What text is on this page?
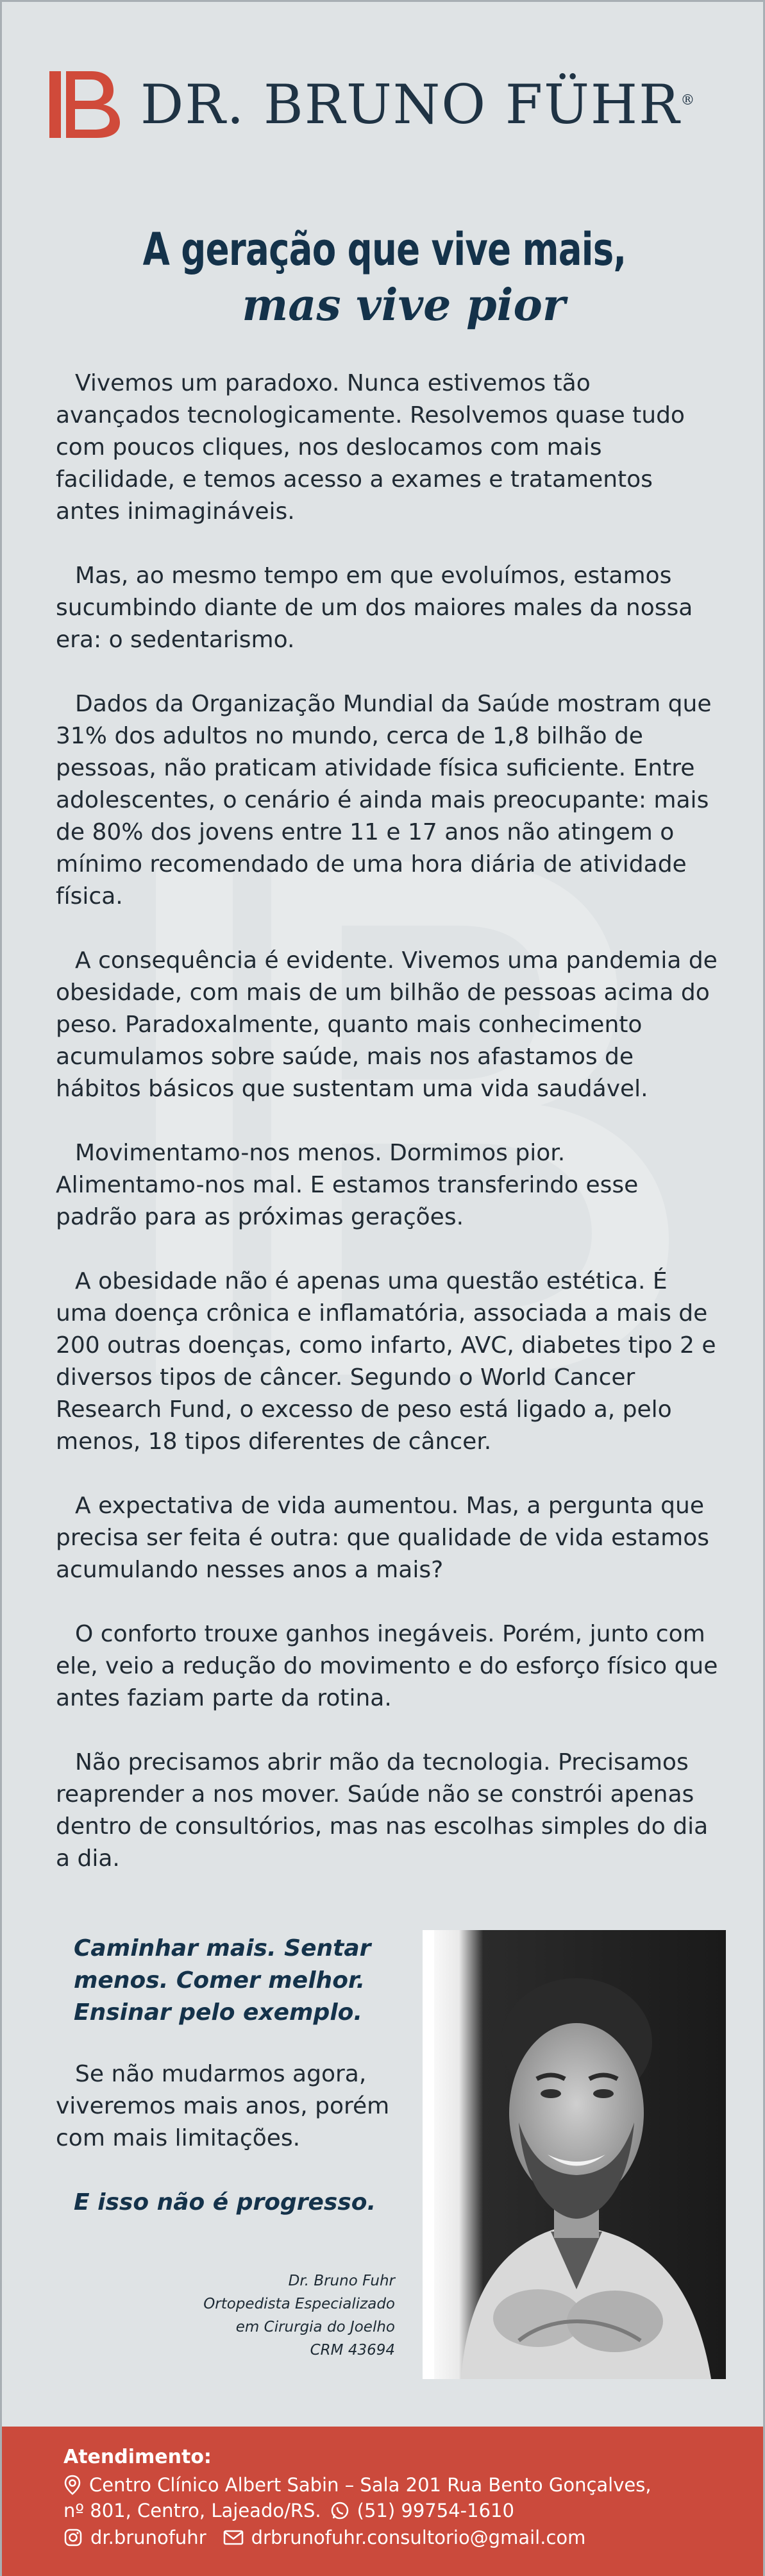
DR. BRUNO FÜHR®
A geração que vive mais,
mas vive pior

Vivemos um paradoxo. Nunca estivemos tão avançados tecnologicamente. Resolvemos quase tudo com poucos cliques, nos deslocamos com mais facilidade, e temos acesso a exames e tratamentos antes inimagináveis.

Mas, ao mesmo tempo em que evoluímos, estamos sucumbindo diante de um dos maiores males da nossa era: o sedentarismo.

Dados da Organização Mundial da Saúde mostram que 31% dos adultos no mundo, cerca de 1,8 bilhão de pessoas, não praticam atividade física suficiente. Entre adolescentes, o cenário é ainda mais preocupante: mais de 80% dos jovens entre 11 e 17 anos não atingem o mínimo recomendado de uma hora diária de atividade física.

A consequência é evidente. Vivemos uma pandemia de obesidade, com mais de um bilhão de pessoas acima do peso. Paradoxalmente, quanto mais conhecimento acumulamos sobre saúde, mais nos afastamos de hábitos básicos que sustentam uma vida saudável.

Movimentamo-nos menos. Dormimos pior. Alimentamo-nos mal. E estamos transferindo esse padrão para as próximas gerações.

A obesidade não é apenas uma questão estética. É uma doença crônica e inflamatória, associada a mais de 200 outras doenças, como infarto, AVC, diabetes tipo 2 e diversos tipos de câncer. Segundo o World Cancer Research Fund, o excesso de peso está ligado a, pelo menos, 18 tipos diferentes de câncer.

A expectativa de vida aumentou. Mas, a pergunta que precisa ser feita é outra: que qualidade de vida estamos acumulando nesses anos a mais?

O conforto trouxe ganhos inegáveis. Porém, junto com ele, veio a redução do movimento e do esforço físico que antes faziam parte da rotina.

Não precisamos abrir mão da tecnologia. Precisamos reaprender a nos mover. Saúde não se constrói apenas dentro de consultórios, mas nas escolhas simples do dia a dia.

Caminhar mais. Sentar
menos. Comer melhor.
Ensinar pelo exemplo.
Se não mudarmos agora, viveremos mais anos, porém com mais limitações.
E isso não é progresso.
Dr. Bruno Fuhr
Ortopedista Especializado
em Cirurgia do Joelho
CRM 43694
Atendimento:
Centro Clínico Albert Sabin – Sala 201 Rua Bento Gonçalves,
nº 801, Centro, Lajeado/RS. (51) 99754-1610
dr.brunofuhr drbrunofuhr.consultorio@gmail.com
